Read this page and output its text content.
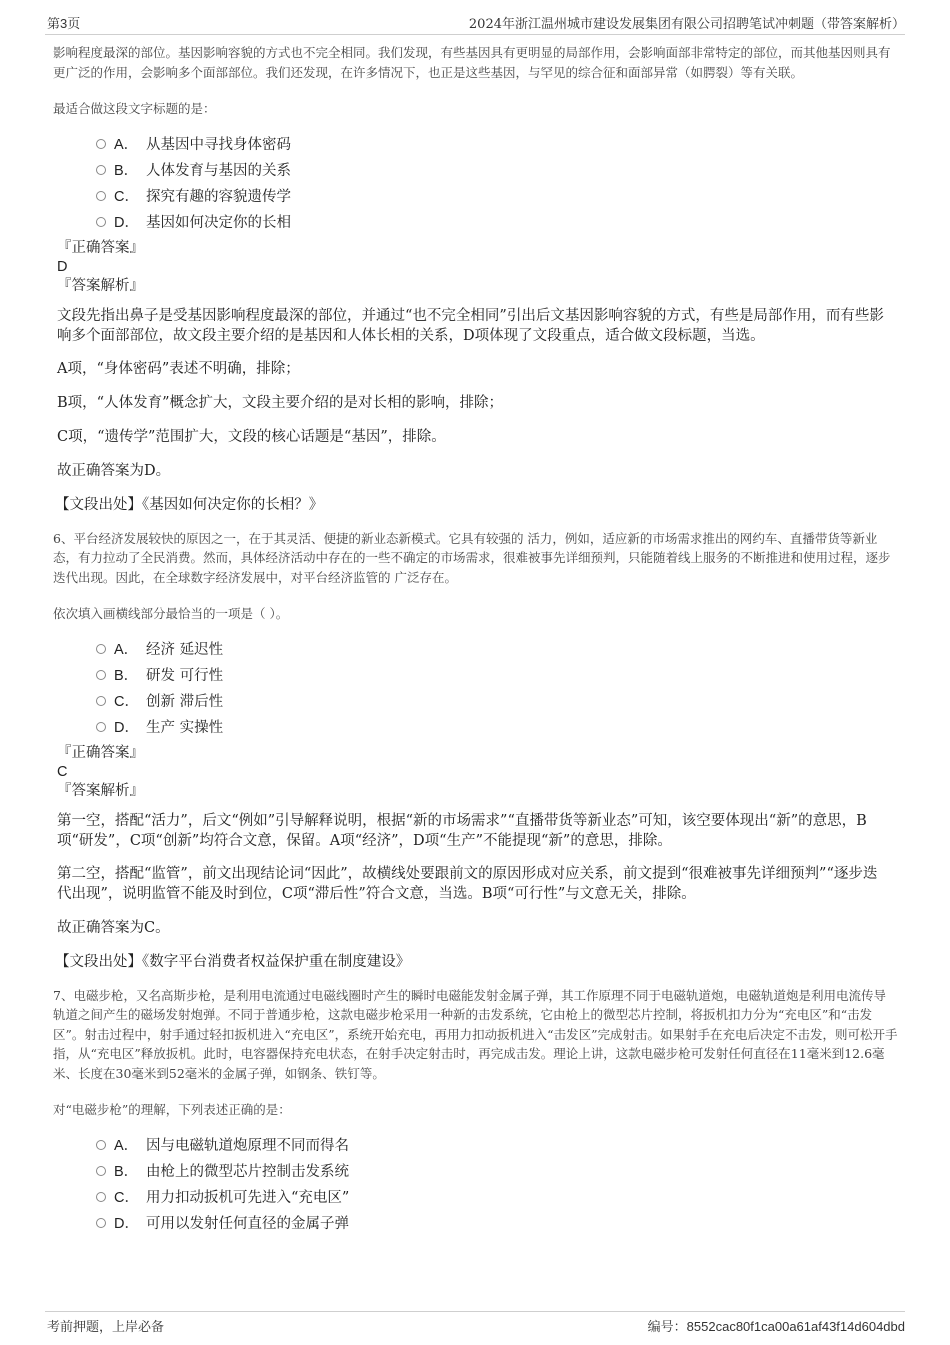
第3页	2024年浙江温州城市建设发展集团有限公司招聘笔试冲刺题（带答案解析）

影响程度最深的部位。基因影响容貌的方式也不完全相同。我们发现，有些基因具有更明显的局部作用，会影响面部非常特定的部位，而其他基因则具有更广泛的作用，会影响多个面部部位。我们还发现，在许多情况下，也正是这些基因，与罕见的综合征和面部异常（如腭裂）等有关联。

最适合做这段文字标题的是：

A． 从基因中寻找身体密码
B． 人体发育与基因的关系
C． 探究有趣的容貌遗传学
D． 基因如何决定你的长相

『正确答案』

D

『答案解析』

文段先指出鼻子是受基因影响程度最深的部位，并通过“也不完全相同”引出后文基因影响容貌的方式，有些是局部作用，而有些影响多个面部部位，故文段主要介绍的是基因和人体长相的关系，D项体现了文段重点，适合做文段标题，当选。

A项，“身体密码”表述不明确，排除；

B项，“人体发育”概念扩大，文段主要介绍的是对长相的影响，排除；

C项，“遗传学”范围扩大，文段的核心话题是“基因”，排除。

故正确答案为D。

【文段出处】《基因如何决定你的长相？》

6、平台经济发展较快的原因之一，在于其灵活、便捷的新业态新模式。它具有较强的 活力，例如，适应新的市场需求推出的网约车、直播带货等新业态，有力拉动了全民消费。然而，具体经济活动中存在的一些不确定的市场需求，很难被事先详细预判，只能随着线上服务的不断推进和使用过程，逐步迭代出现。因此，在全球数字经济发展中，对平台经济监管的 广泛存在。

依次填入画横线部分最恰当的一项是（ ）。

A． 经济 延迟性
B． 研发 可行性
C． 创新 滞后性
D． 生产 实操性

『正确答案』

C

『答案解析』

第一空，搭配“活力”，后文“例如”引导解释说明，根据“新的市场需求”“直播带货等新业态”可知，该空要体现出“新”的意思，B项“研发”，C项“创新”均符合文意，保留。A项“经济”，D项“生产”不能提现“新”的意思，排除。

第二空，搭配“监管”，前文出现结论词“因此”，故横线处要跟前文的原因形成对应关系，前文提到“很难被事先详细预判”“逐步迭代出现”，说明监管不能及时到位，C项“滞后性”符合文意，当选。B项“可行性”与文意无关，排除。

故正确答案为C。

【文段出处】《数字平台消费者权益保护重在制度建设》

7、电磁步枪，又名高斯步枪，是利用电流通过电磁线圈时产生的瞬时电磁能发射金属子弹，其工作原理不同于电磁轨道炮，电磁轨道炮是利用电流传导轨道之间产生的磁场发射炮弹。不同于普通步枪，这款电磁步枪采用一种新的击发系统，它由枪上的微型芯片控制，将扳机扣力分为“充电区”和“击发区”。射击过程中，射手通过轻扣扳机进入“充电区”，系统开始充电，再用力扣动扳机进入“击发区”完成射击。如果射手在充电后决定不击发，则可松开手指，从“充电区”释放扳机。此时，电容器保持充电状态，在射手决定射击时，再完成击发。理论上讲，这款电磁步枪可发射任何直径在11毫米到12.6毫米、长度在30毫米到52毫米的金属子弹，如钢条、铁钉等。

对“电磁步枪”的理解，下列表述正确的是：

A． 因与电磁轨道炮原理不同而得名
B． 由枪上的微型芯片控制击发系统
C． 用力扣动扳机可先进入“充电区”
D． 可用以发射任何直径的金属子弹
考前押题，上岸必备	编号：8552cac80f1ca00a61af43f14d604dbd
